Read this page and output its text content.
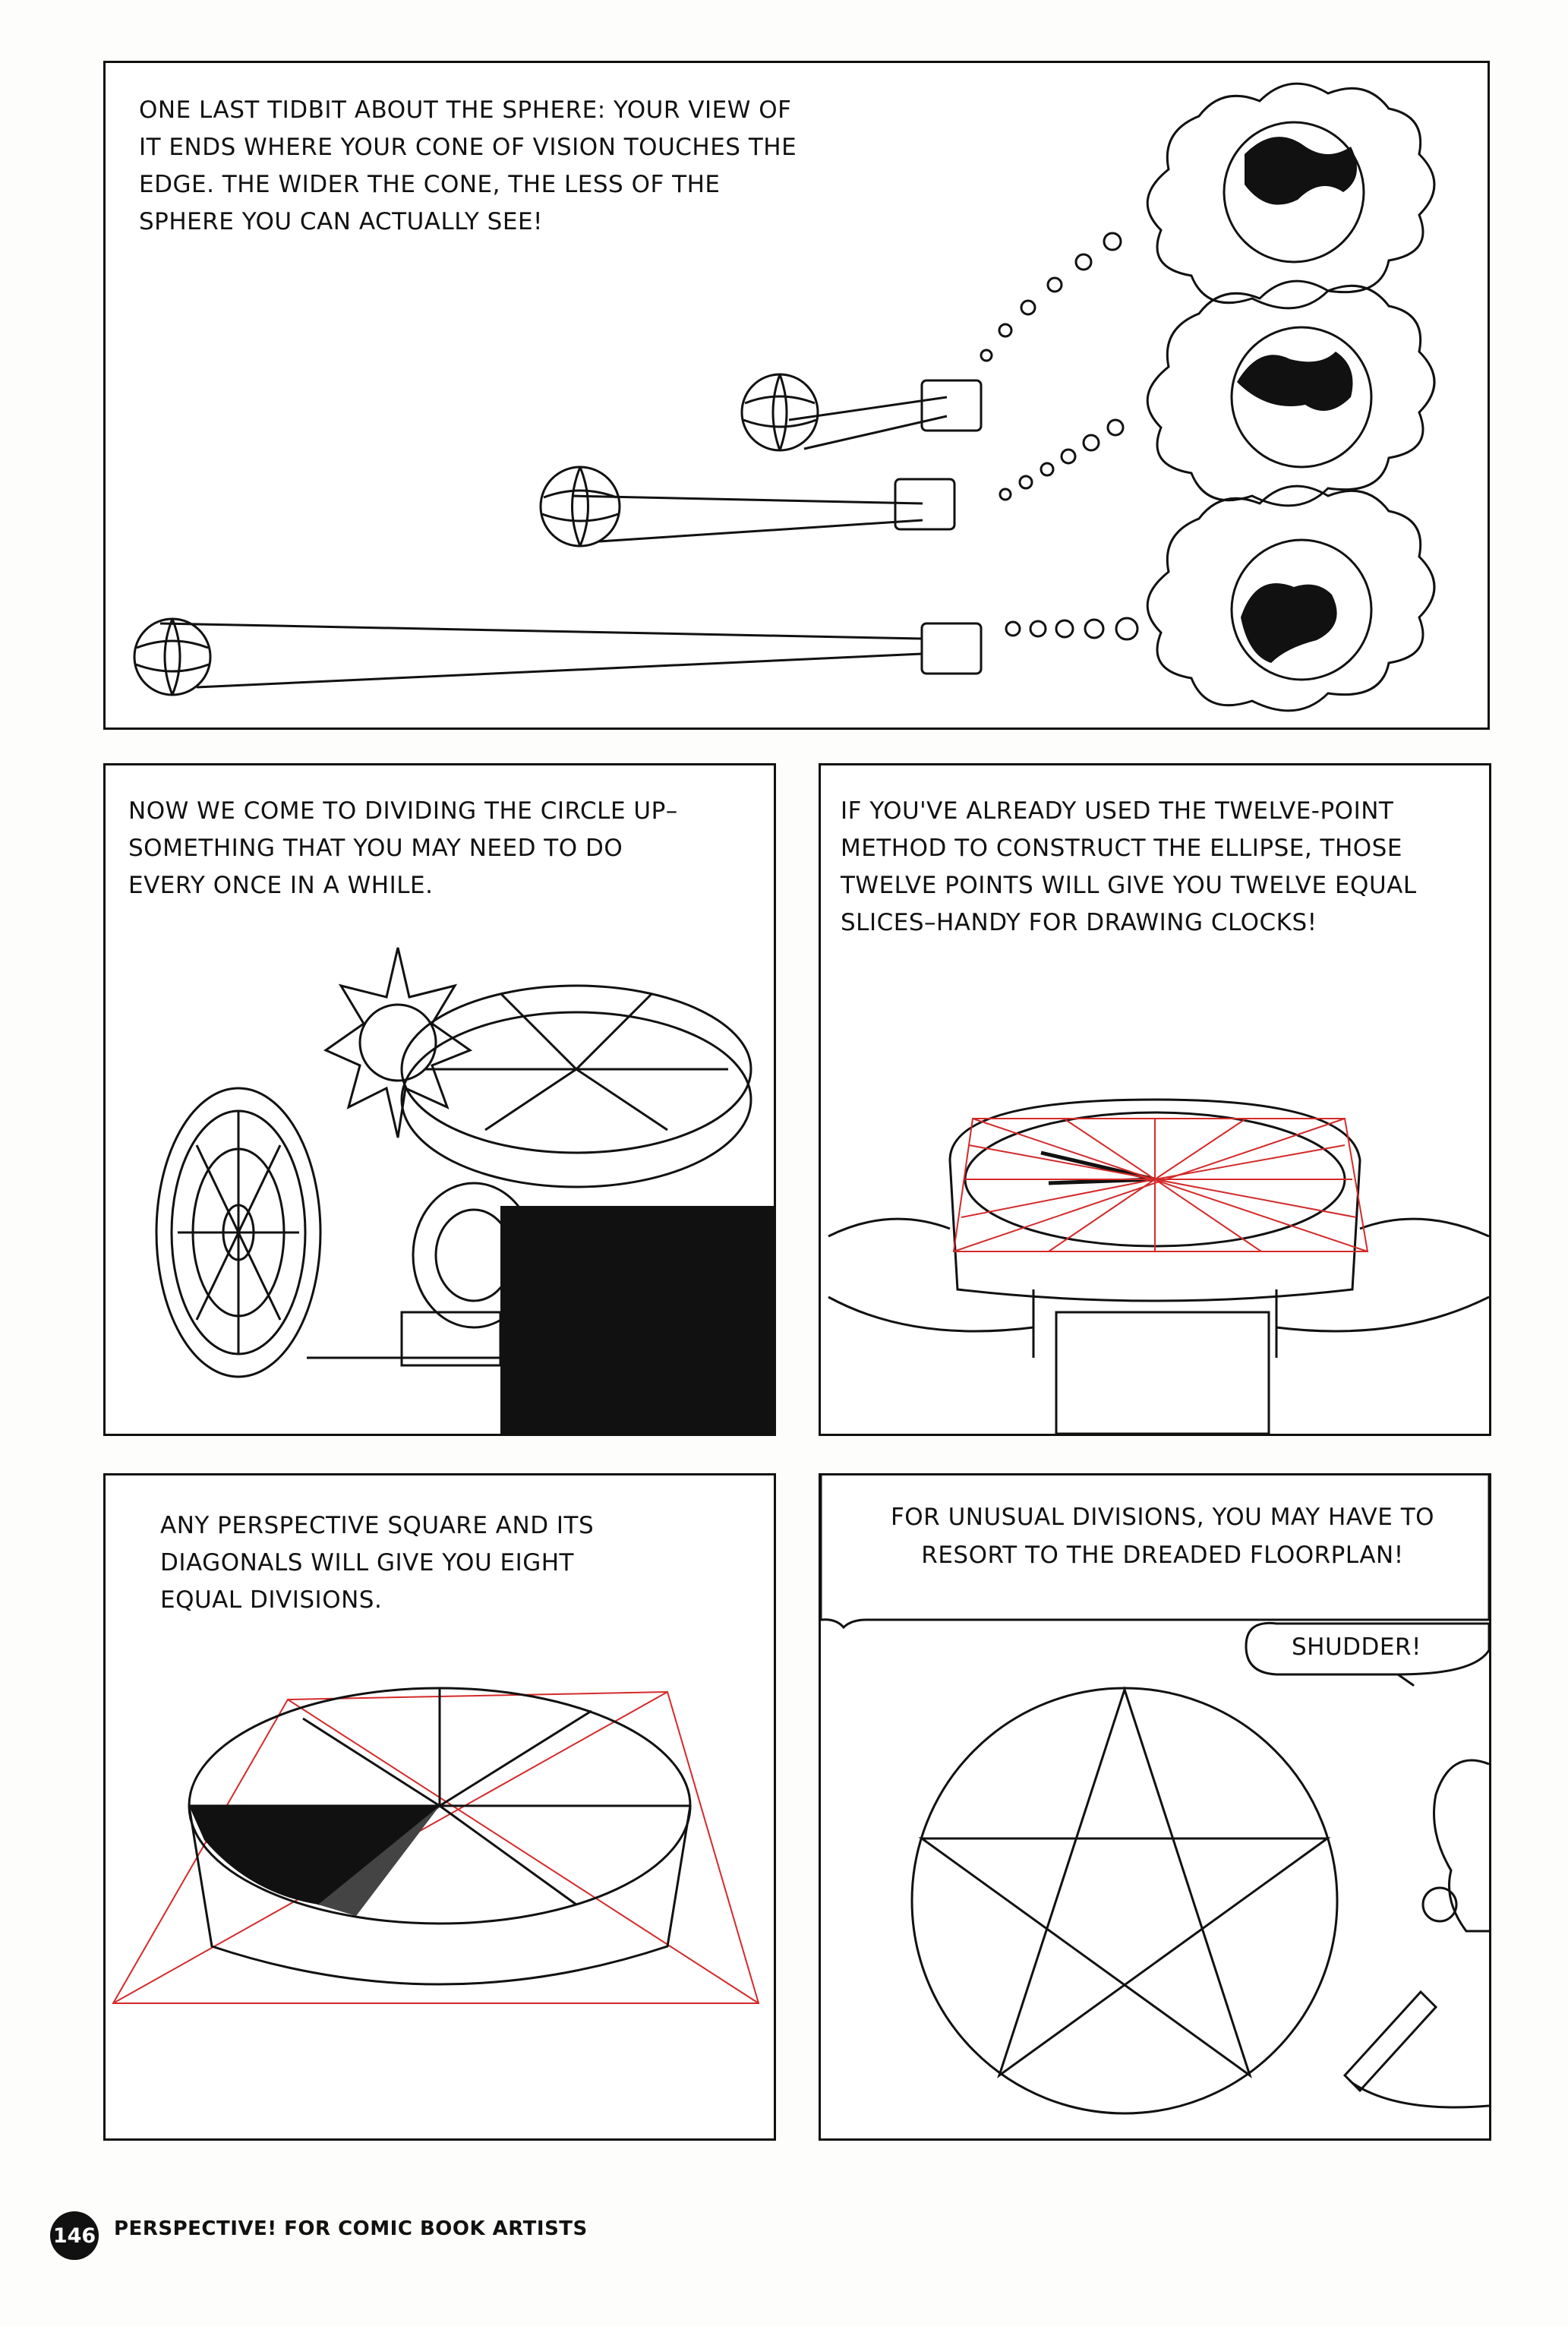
ONE LAST TIDBIT ABOUT THE SPHERE: YOUR VIEW OF
IT ENDS WHERE YOUR CONE OF VISION TOUCHES THE
EDGE. THE WIDER THE CONE, THE LESS OF THE
SPHERE YOU CAN ACTUALLY SEE!
NOW WE COME TO DIVIDING THE CIRCLE UP–
SOMETHING THAT YOU MAY NEED TO DO
EVERY ONCE IN A WHILE.
IF YOU'VE ALREADY USED THE TWELVE-POINT
METHOD TO CONSTRUCT THE ELLIPSE, THOSE
TWELVE POINTS WILL GIVE YOU TWELVE EQUAL
SLICES–HANDY FOR DRAWING CLOCKS!
ANY PERSPECTIVE SQUARE AND ITS
DIAGONALS WILL GIVE YOU EIGHT
EQUAL DIVISIONS.
FOR UNUSUAL DIVISIONS, YOU MAY HAVE TO
RESORT TO THE DREADED FLOORPLAN!
SHUDDER!
146 PERSPECTIVE! FOR COMIC BOOK ARTISTS
